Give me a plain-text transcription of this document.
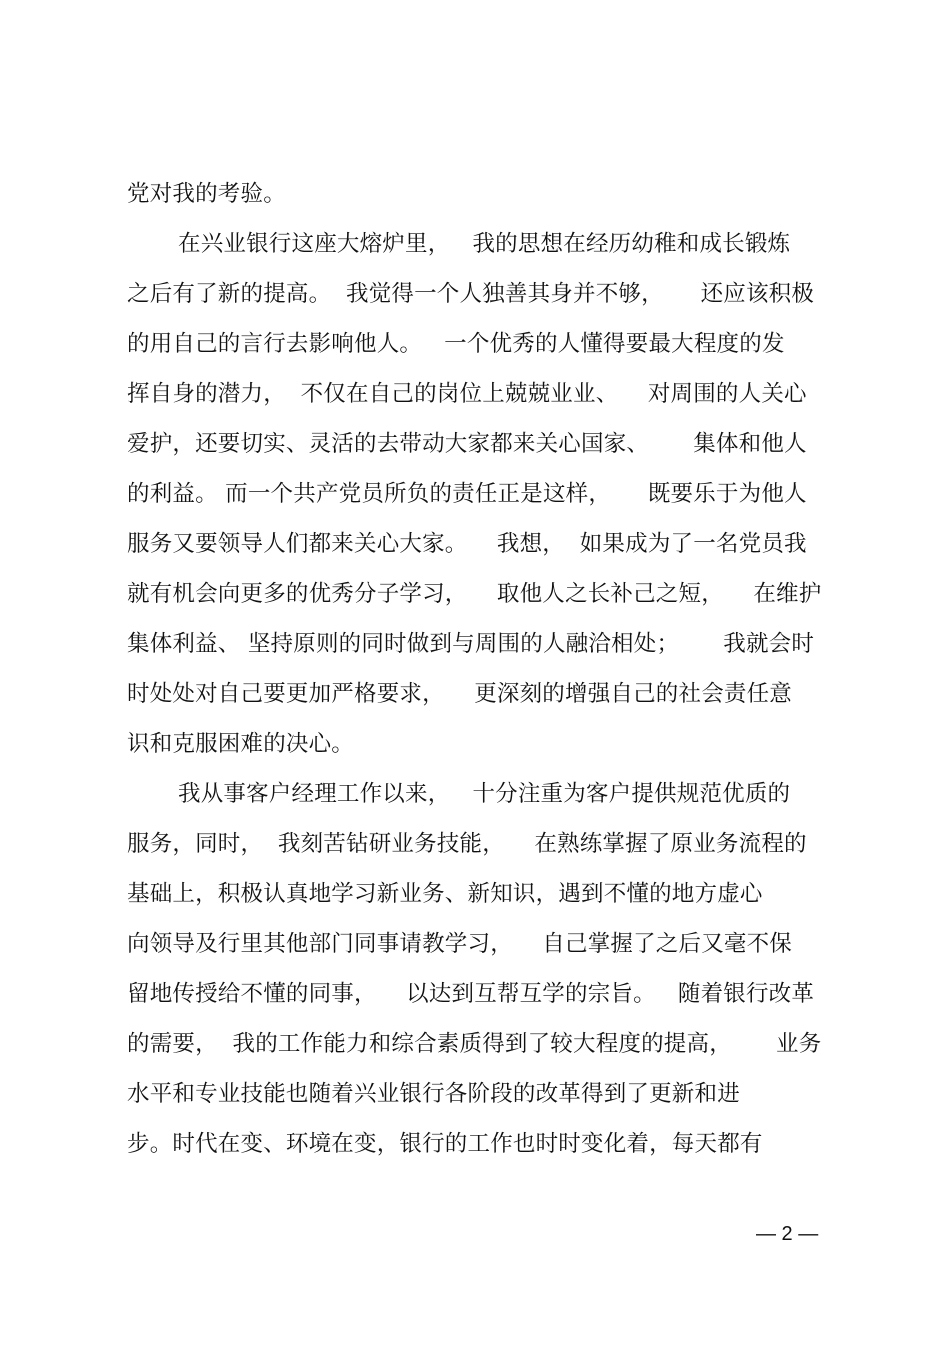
党对我的考验。
在兴业银行这座大熔炉里，   我的思想在经历幼稚和成长锻炼
之后有了新的提高。  我觉得一个人独善其身并不够，     还应该积极
的用自己的言行去影响他人。   一个优秀的人懂得要最大程度的发
挥自身的潜力，  不仅在自己的岗位上兢兢业业、    对周围的人关心
爱护，还要切实、灵活的去带动大家都来关心国家、      集体和他人
的利益。 而一个共产党员所负的责任正是这样，     既要乐于为他人
服务又要领导人们都来关心大家。    我想，  如果成为了一名党员我
就有机会向更多的优秀分子学习，    取他人之长补己之短，    在维护
集体利益、 坚持原则的同时做到与周围的人融洽相处；      我就会时
时处处对自己要更加严格要求，    更深刻的增强自己的社会责任意
识和克服困难的决心。
我从事客户经理工作以来，   十分注重为客户提供规范优质的
服务，同时，  我刻苦钻研业务技能，    在熟练掌握了原业务流程的
基础上，积极认真地学习新业务、新知识，遇到不懂的地方虚心
向领导及行里其他部门同事请教学习，    自己掌握了之后又毫不保
留地传授给不懂的同事，    以达到互帮互学的宗旨。   随着银行改革
的需要，  我的工作能力和综合素质得到了较大程度的提高，      业务
水平和专业技能也随着兴业银行各阶段的改革得到了更新和进
步。时代在变、环境在变，银行的工作也时时变化着，每天都有
— 2 —
